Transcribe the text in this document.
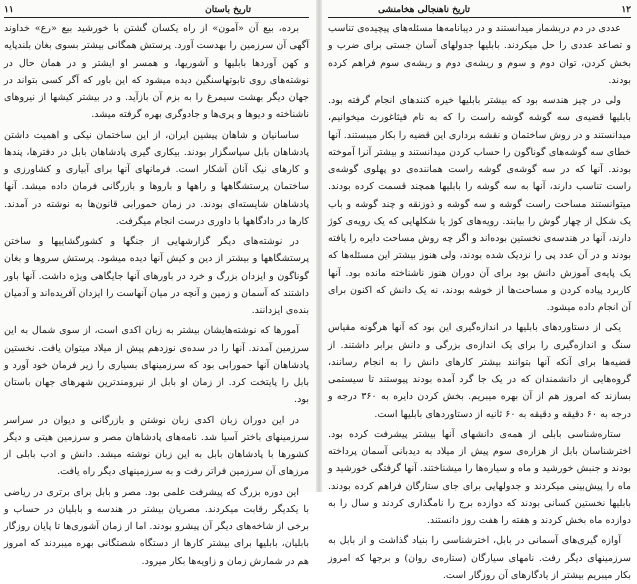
تاریخ باستان
۱۱

برده، بیع آن «آمون» از راه یکسان گشتن با خورشید بیع «رع» خداوند آگهی آن سرزمین را بهدست آورد. پرستش همگانی بیشتر بسوی بغان بلندپایه و کهن آوردها بابلیها و آشوریها، و همسر او ایشتر و در همان حال در نوشته‌های روی تابوتهاسنگین دیده میشود که این باور که آگر کسی بتواند در جهان دیگر بهشت سیمرغ را به بزم آن بازآید. و در بیشتر کیشها از نیروهای ناشناخته و دیوها و پری‌ها و جادوگری بهره گرفته میشد.

ساسانیان و شاهان پیشین ایران، از این ساختمان نیکی و اهمیت داشتن پادشاهان بابل سپاسگزار بودند. بیکاری گیری پادشاهان بابل در دفترها، پندها و کارهای نیک آنان آشکار است. فرمانهای آنها برای آبیاری و کشاورزی و ساختمان پرستشگاهها و راهها و باروها و بازرگانی فرمان داده میشد. آنها پادشاهان شایسته‌ای بودند. در زمان حمورابی قانون‌ها به نوشته در آمدند. کارها در دادگاهها با داوری درست انجام میگرفت.

در نوشته‌های دیگر گزارشهایی از جنگها و کشورگشاییها و ساختن پرستشگاهها و بیشتر از دین و کیش آنها دیده میشود. پرستش سروها و بغان گوناگون و ایزدان بزرگ و خرد در باورهای آنها جایگاهی ویژه داشت. آنها باور داشتند که آسمان و زمین و آنچه در میان آنهاست را ایزدان آفریده‌اند و آدمیان بنده‌ی ایزدانند.

آمورها که نوشته‌هایشان بیشتر به زبان اکدی است، از سوی شمال به این سرزمین آمدند. آنها را در سده‌ی نوزدهم پیش از میلاد میتوان یافت. نخستین پادشاهان آنها حمورابی بود که سرزمینهای بسیاری را زیر فرمان خود آورد و بابل را پایتخت کرد. از زمان او بابل از نیرومندترین شهرهای جهان باستان بود.

در این دوران زبان اکدی زبان نوشتن و بازرگانی و دیوان در سراسر سرزمینهای باختر آسیا شد. نامه‌های پادشاهان مصر و سرزمین هیتی و دیگر کشورها با پادشاهان بابل به این زبان نوشته میشد. دانش و ادب بابلی از مرزهای آن سرزمین فراتر رفت و به سرزمینهای دیگر راه یافت.

این دوره بزرگ که پیشرفت علمی بود. مصر و بابل برای برتری در ریاضی با یکدیگر رقابت میکردند. مصریان بیشتر در هندسه و بابلیان در حساب و برخی از شاخه‌های دیگر آن پیشرو بودند. اما از زمان آشوری‌ها تا پایان روزگار بابلیان، بابلیها برای بیشتر کارها از دستگاه شصتگانی بهره میبردند که امروز هم در شمارش زمان و زاویه‌ها بکار میرود.

تاریخ ناهنجالی هخامنشی	۱۲

عددی در دم دربشمار میدانستند و در دیبانامه‌ها مسئله‌های پیچیده‌ی تناسب و تصاعد عددی را حل میکردند. بابلیها جدولهای آسان جستی برای ضرب و بخش کردن، توان دوم و سوم و ریشه‌ی دوم و ریشه‌ی سوم فراهم کرده بودند.

ولی در چیز هندسه بود که بیشتر بابلیها خیره کنندهای انجام گرفته بود. بابلیها قضیه‌ی سه گوشه گوشه راست را که به نام فیثاغورث میخوانیم، میدانستند و در روش ساختمان و نقشه برداری این قضیه را بکار میبستند. آنها خطای سه گوشه‌های گوناگون را حساب کردن میدانستند و بیشتر آنرا آموخته بودند. آنها که در سه گوشه‌ی گوشه راست هماننده‌ی دو پهلوی گوشه‌ی راست تناسب دارند، آنها به سه گوشه را بابلیها همچند قسمت کرده بودند. میتوانستند مساحت راست گوشه و سه گوشه و ذوزنقه و چند گوشه و باب یک شکل از چهار گوش را بیابند. رویه‌های کوژ یا شکلهایی که یک رویه‌ی کوژ دارند، آنها در هندسه‌ی نخستین بوده‌اند و اگر چه روش مساحت دایره را یافته بودند و در آن عدد پی را نزدیک شده بودند، ولی هنوز بیشتر این مسئله‌ها که یک پایه‌ی آموزش دانش بود برای آن دوران هنوز ناشناخته مانده بود. آنها کاربرد پیاده کردن و مساحت‌ها از خوشه بودند، نه یک دانش که اکنون برای آن انجام داده میشود.

یکی از دستاوردهای بابلیها در اندازه‌گیری این بود که آنها هرگونه مقیاس سنگ و اندازه‌گیری را برای یک اندازه‌ی بزرگی و دانش برابر داشتند. از قضیه‌ها برای آنکه آنها بتوانند بیشتر کارهای دانش را به انجام رسانند، گروه‌هایی از دانشمندان که در یک جا گرد آمده بودند پیوستند تا سیستمی بسازند که امروز هم از آن بهره میبریم. بخش کردن دایره به ۳۶۰ درجه و درجه به ۶۰ دقیقه و دقیقه به ۶۰ ثانیه از دستاوردهای بابلیها است.

ستاره‌شناسی بابلی از همه‌ی دانشهای آنها بیشتر پیشرفت کرده بود. اخترشناسان بابل از هزاره‌ی سوم پیش از میلاد به دیدبانی آسمان پرداخته بودند و جنبش خورشید و ماه و سیاره‌ها را میشناختند. آنها گرفتگی خورشید و ماه را پیش‌بینی میکردند و جدولهایی برای جای ستارگان فراهم کرده بودند. بابلیها نخستین کسانی بودند که دوازده برج را نامگذاری کردند و سال را به دوازده ماه بخش کردند و هفته را هفت روز دانستند.

آوازه گیری‌های آسمانی در بابل، اخترشناسی را بنیاد گذاشت و از بابل به سرزمینهای دیگر رفت. نامهای سیارگان (ستاره‌ی روان) و برجها که امروز بکار میبریم بیشتر از یادگارهای آن روزگار است.
